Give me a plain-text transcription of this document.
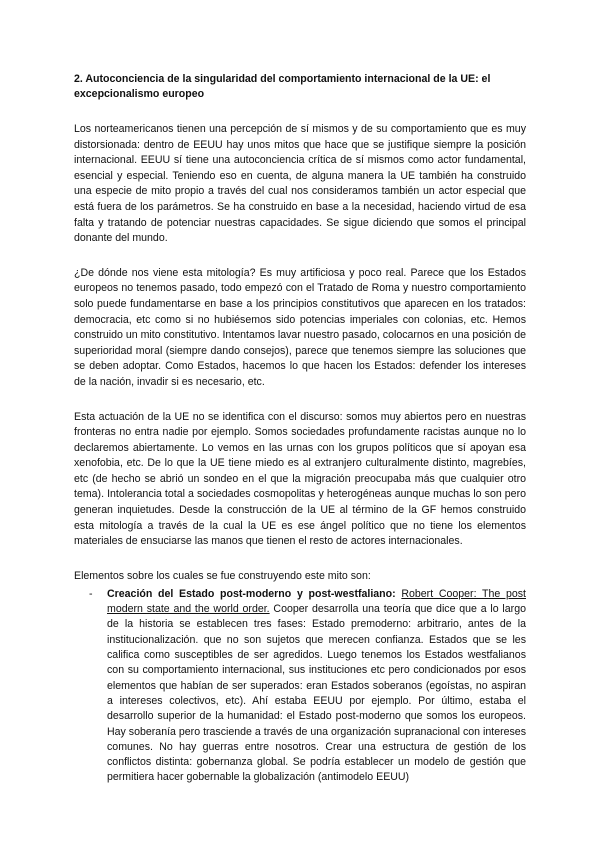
2. Autoconciencia de la singularidad del comportamiento internacional de la UE: el excepcionalismo europeo

Los norteamericanos tienen una percepción de sí mismos y de su comportamiento que es muy distorsionada: dentro de EEUU hay unos mitos que hace que se justifique siempre la posición internacional. EEUU sí tiene una autoconciencia crítica de sí mismos como actor fundamental, esencial y especial. Teniendo eso en cuenta, de alguna manera la UE también ha construido una especie de mito propio a través del cual nos consideramos también un actor especial que está fuera de los parámetros. Se ha construido en base a la necesidad, haciendo virtud de esa falta y tratando de potenciar nuestras capacidades. Se sigue diciendo que somos el principal donante del mundo.

¿De dónde nos viene esta mitología? Es muy artificiosa y poco real. Parece que los Estados europeos no tenemos pasado, todo empezó con el Tratado de Roma y nuestro comportamiento solo puede fundamentarse en base a los principios constitutivos que aparecen en los tratados: democracia, etc como si no hubiésemos sido potencias imperiales con colonias, etc. Hemos construido un mito constitutivo. Intentamos lavar nuestro pasado, colocarnos en una posición de superioridad moral (siempre dando consejos), parece que tenemos siempre las soluciones que se deben adoptar. Como Estados, hacemos lo que hacen los Estados: defender los intereses de la nación, invadir si es necesario, etc.

Esta actuación de la UE no se identifica con el discurso: somos muy abiertos pero en nuestras fronteras no entra nadie por ejemplo. Somos sociedades profundamente racistas aunque no lo declaremos abiertamente. Lo vemos en las urnas con los grupos políticos que sí apoyan esa xenofobia, etc. De lo que la UE tiene miedo es al extranjero culturalmente distinto, magrebíes, etc (de hecho se abrió un sondeo en el que la migración preocupaba más que cualquier otro tema). Intolerancia total a sociedades cosmopolitas y heterogéneas aunque muchas lo son pero generan inquietudes. Desde la construcción de la UE al término de la GF hemos construido esta mitología a través de la cual la UE es ese ángel político que no tiene los elementos materiales de ensuciarse las manos que tienen el resto de actores internacionales.

Elementos sobre los cuales se fue construyendo este mito son:
- Creación del Estado post-moderno y post-westfaliano: Robert Cooper: The post modern state and the world order. Cooper desarrolla una teoría que dice que a lo largo de la historia se establecen tres fases: Estado premoderno: arbitrario, antes de la institucionalización. que no son sujetos que merecen confianza. Estados que se les califica como susceptibles de ser agredidos. Luego tenemos los Estados westfalianos con su comportamiento internacional, sus instituciones etc pero condicionados por esos elementos que habían de ser superados: eran Estados soberanos (egoístas, no aspiran a intereses colectivos, etc). Ahí estaba EEUU por ejemplo. Por último, estaba el desarrollo superior de la humanidad: el Estado post-moderno que somos los europeos. Hay soberanía pero trasciende a través de una organización supranacional con intereses comunes. No hay guerras entre nosotros. Crear una estructura de gestión de los conflictos distinta: gobernanza global. Se podría establecer un modelo de gestión que permitiera hacer gobernable la globalización (antimodelo EEUU)
